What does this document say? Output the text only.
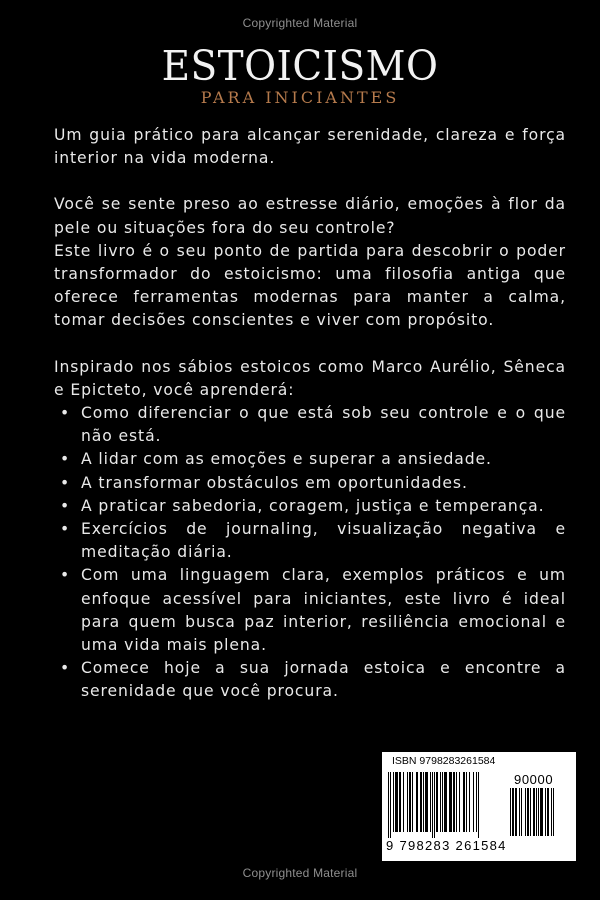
Copyrighted Material
ESTOICISMO
PARA INICIANTES

Um guia prático para alcançar serenidade, clareza e força interior na vida moderna.

Você se sente preso ao estresse diário, emoções à flor da pele ou situações fora do seu controle?

Este livro é o seu ponto de partida para descobrir o poder transformador do estoicismo: uma filosofia antiga que oferece ferramentas modernas para manter a calma, tomar decisões conscientes e viver com propósito.

Inspirado nos sábios estoicos como Marco Aurélio, Sêneca e Epicteto, você aprenderá:

• Como diferenciar o que está sob seu controle e o que não está.
• A lidar com as emoções e superar a ansiedade.
• A transformar obstáculos em oportunidades.
• A praticar sabedoria, coragem, justiça e temperança.
• Exercícios de journaling, visualização negativa e meditação diária.
• Com uma linguagem clara, exemplos práticos e um enfoque acessível para iniciantes, este livro é ideal para quem busca paz interior, resiliência emocional e uma vida mais plena.
• Comece hoje a sua jornada estoica e encontre a serenidade que você procura.
ISBN 9798283261584
90000
9 798283 261584
Copyrighted Material
